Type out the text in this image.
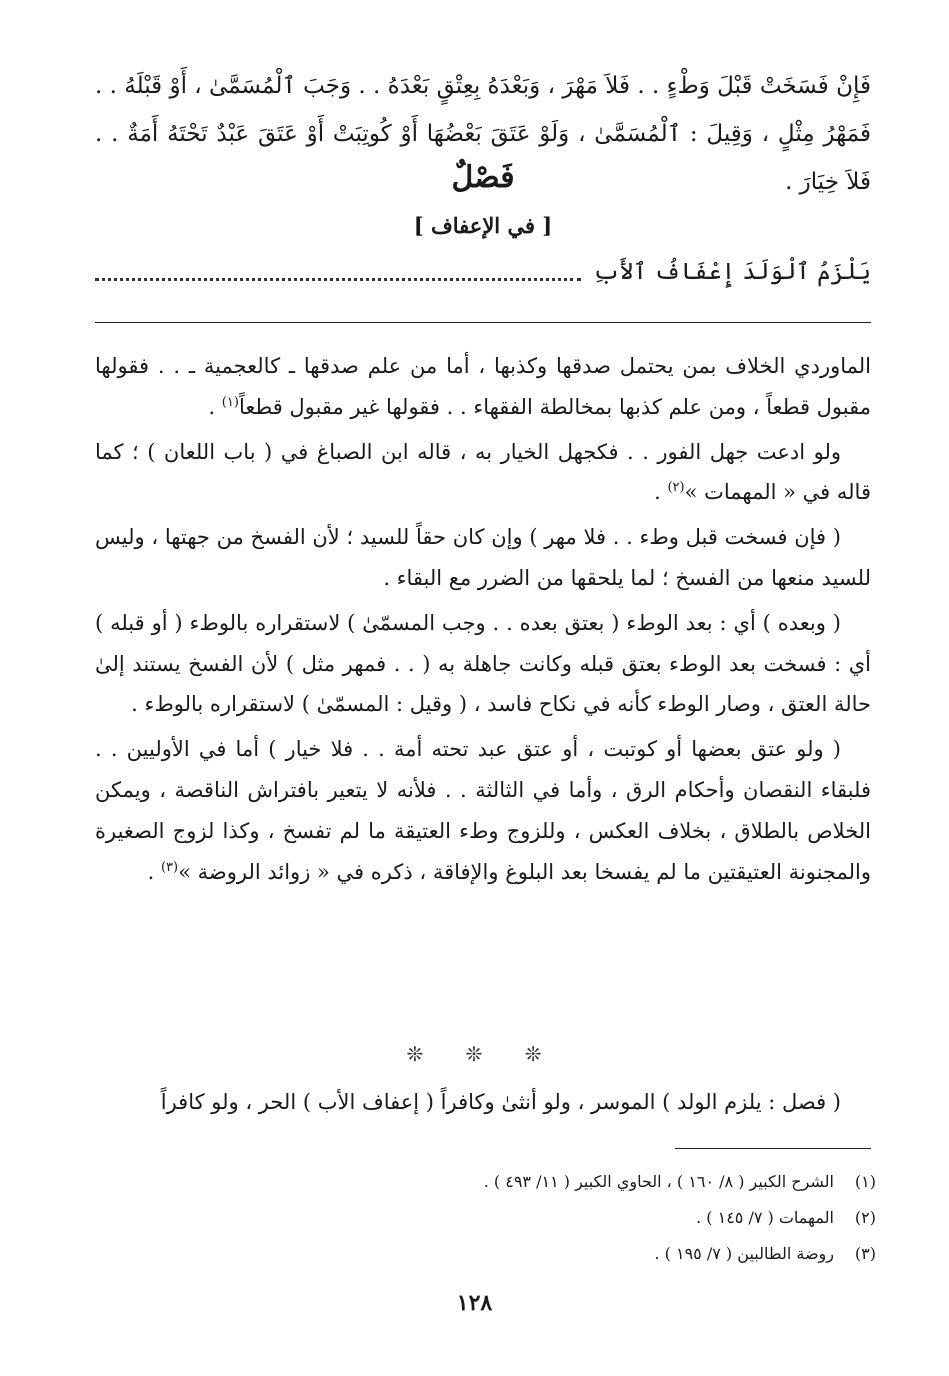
فَإِنْ فَسَخَتْ قَبْلَ وَطْءٍ . . فَلاَ مَهْرَ ، وَبَعْدَهُ بِعِتْقٍ بَعْدَهُ . . وَجَبَ ٱلْمُسَمَّىٰ ، أَوْ قَبْلَهُ . . فَمَهْرُ مِثْلٍ ، وَقِيلَ : ٱلْمُسَمَّىٰ ، وَلَوْ عَتَقَ بَعْضُهَا أَوْ كُوتِبَتْ أَوْ عَتَقَ عَبْدٌ تَحْتَهُ أَمَةٌ . . فَلاَ خِيَارَ .

فَصْلٌ
[ في الإعفاف ]
يَلْزَمُ ٱلْوَلَدَ إِعْفَافُ ٱلأَبِ

الماوردي الخلاف بمن يحتمل صدقها وكذبها ، أما من علم صدقها ـ كالعجمية ـ . . فقولها مقبول قطعاً ، ومن علم كذبها بمخالطة الفقهاء . . فقولها غير مقبول قطعاً$^{(١)}$ .

ولو ادعت جهل الفور . . فكجهل الخيار به ، قاله ابن الصباغ في ( باب اللعان ) ؛ كما قاله في « المهمات »$^{(٢)}$ .

( فإن فسخت قبل وطء . . فلا مهر ) وإن كان حقاً للسيد ؛ لأن الفسخ من جهتها ، وليس للسيد منعها من الفسخ ؛ لما يلحقها من الضرر مع البقاء .

( وبعده ) أي : بعد الوطء ( بعتق بعده . . وجب المسمّىٰ ) لاستقراره بالوطء ( أو قبله ) أي : فسخت بعد الوطء بعتق قبله وكانت جاهلة به ( . . فمهر مثل ) لأن الفسخ يستند إلىٰ حالة العتق ، وصار الوطء كأنه في نكاح فاسد ، ( وقيل : المسمّىٰ ) لاستقراره بالوطء .

( ولو عتق بعضها أو كوتبت ، أو عتق عبد تحته أمة . . فلا خيار ) أما في الأوليين . . فلبقاء النقصان وأحكام الرق ، وأما في الثالثة . . فلأنه لا يتعير بافتراش الناقصة ، ويمكن الخلاص بالطلاق ، بخلاف العكس ، وللزوج وطء العتيقة ما لم تفسخ ، وكذا لزوج الصغيرة والمجنونة العتيقتين ما لم يفسخا بعد البلوغ والإفاقة ، ذكره في « زوائد الروضة »$^{(٣)}$ .

❊ ❊ ❊
( فصل : يلزم الولد ) الموسر ، ولو أنثىٰ وكافراً ( إعفاف الأب ) الحر ، ولو كافراً
(١)الشرح الكبير ( ٨/ ١٦٠ ) ، الحاوي الكبير ( ١١/ ٤٩٣ ) .
(٢)المهمات ( ٧/ ١٤٥ ) .
(٣)روضة الطالبين ( ٧/ ١٩٥ ) .
١٢٨
